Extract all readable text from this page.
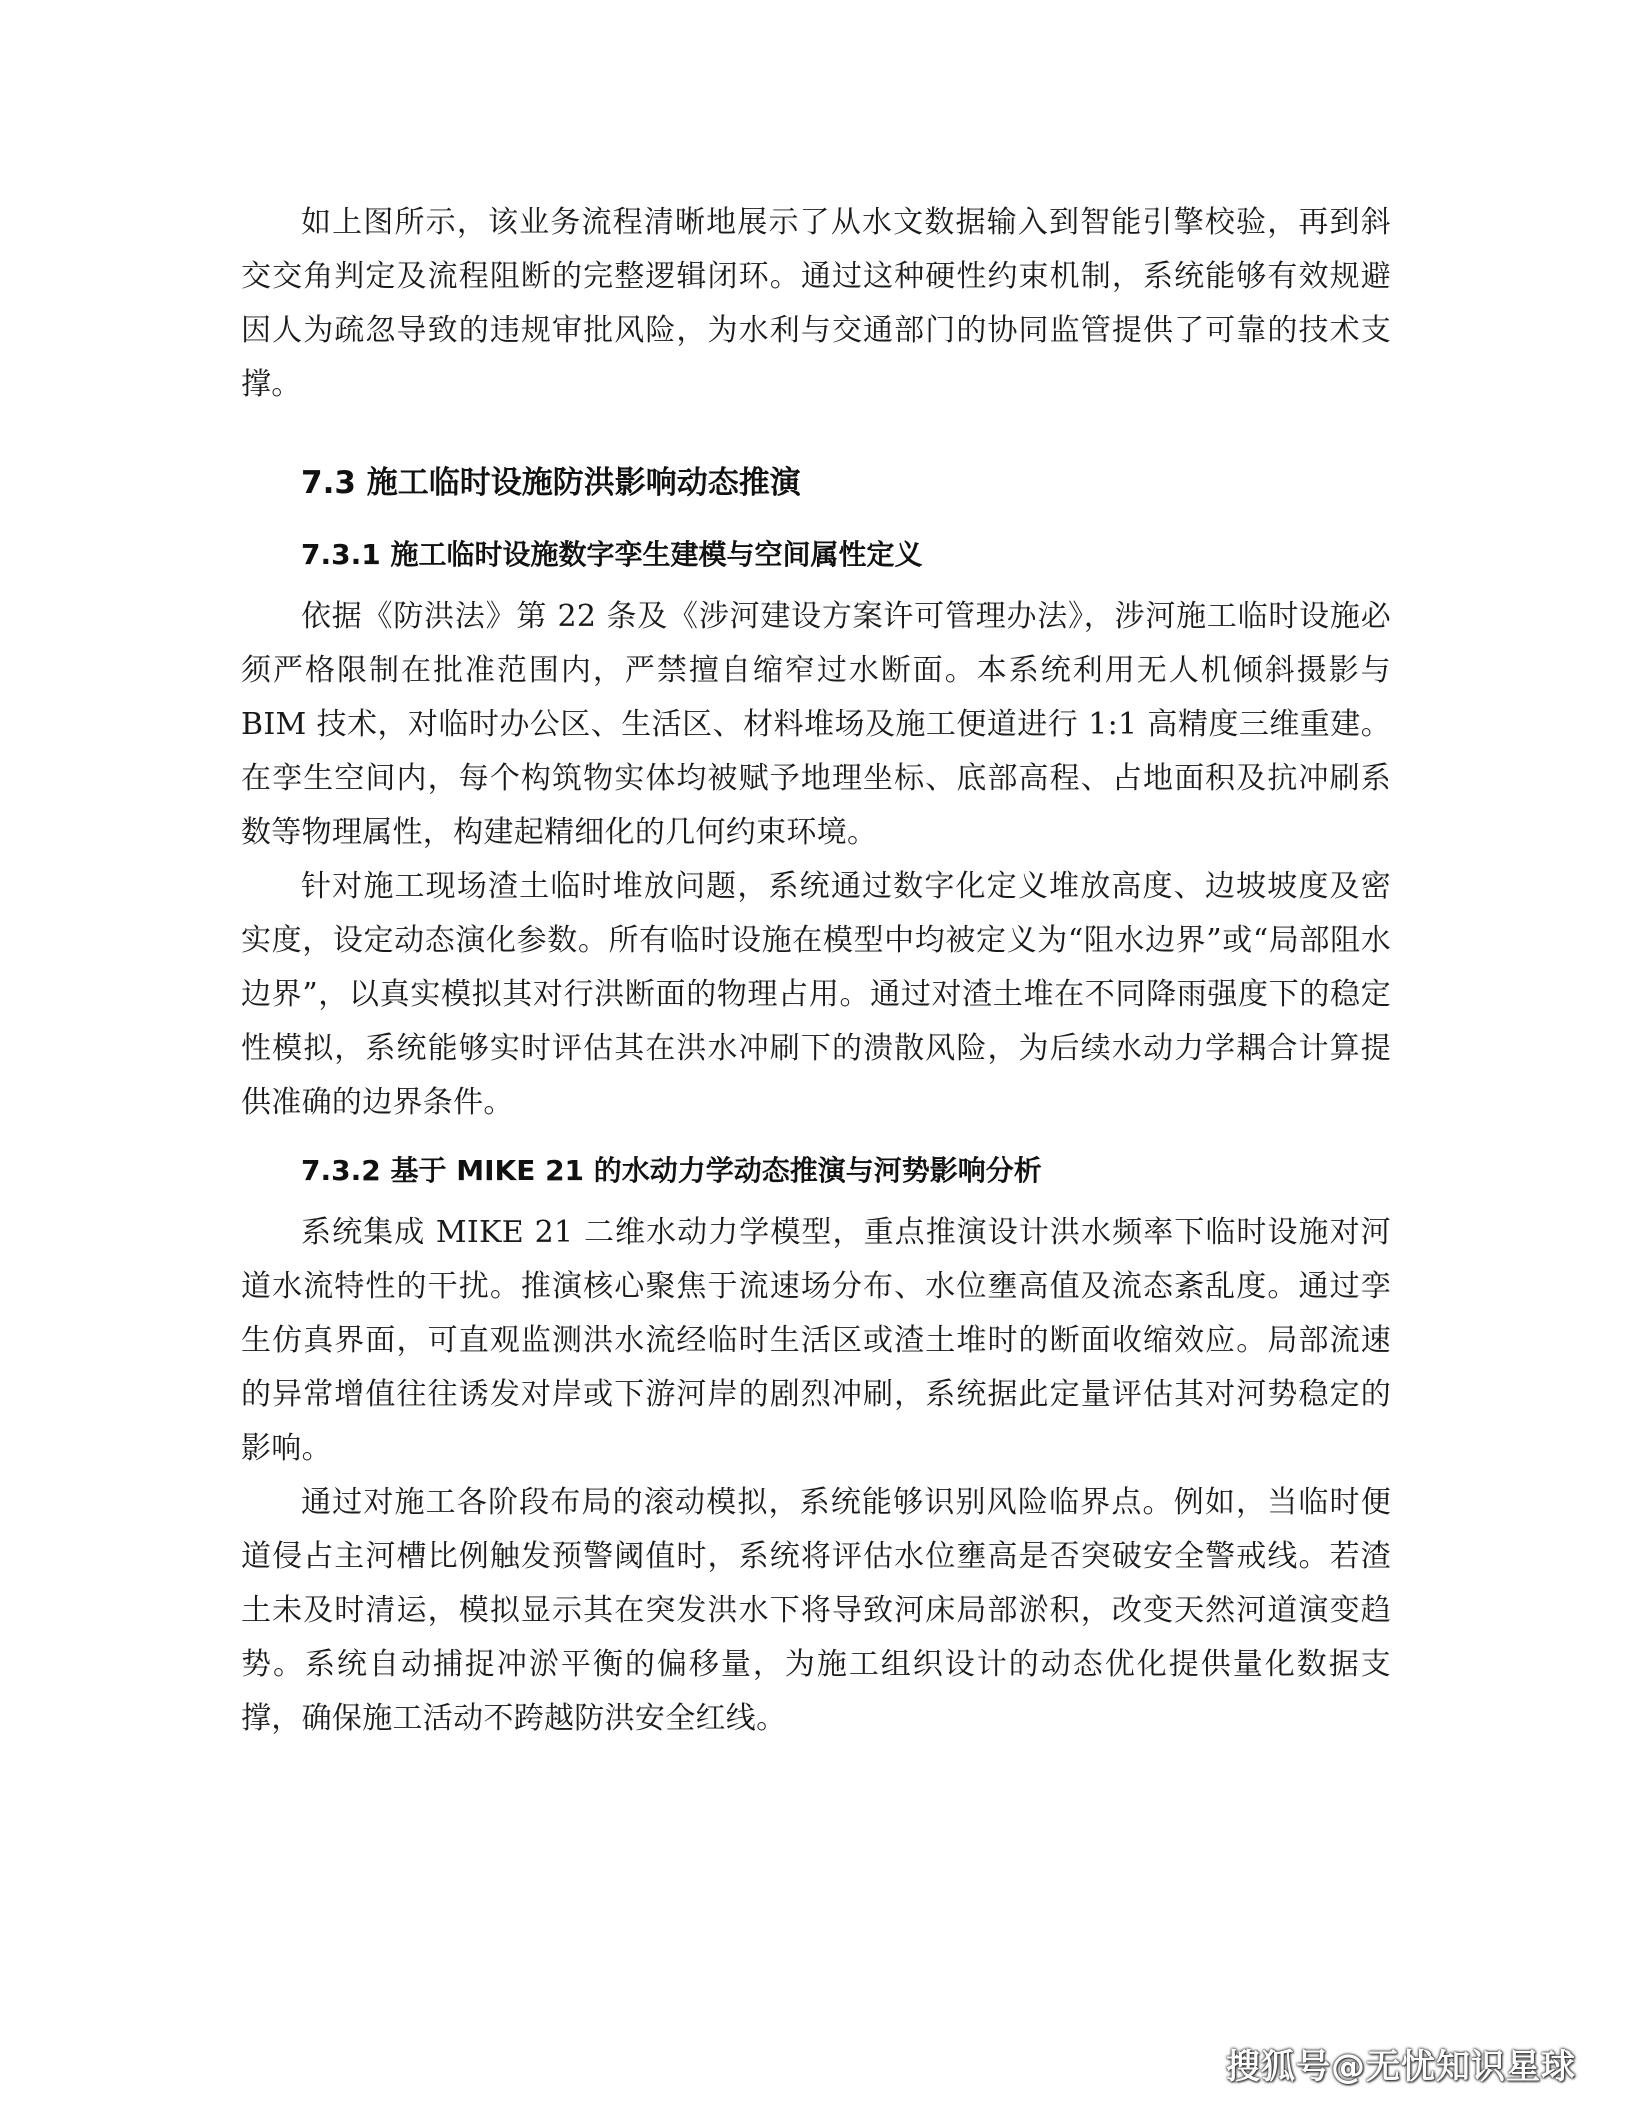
如上图所示，该业务流程清晰地展示了从水文数据输入到智能引擎校验，再到斜交交角判定及流程阻断的完整逻辑闭环。通过这种硬性约束机制，系统能够有效规避因人为疏忽导致的违规审批风险，为水利与交通部门的协同监管提供了可靠的技术支撑。

7.3 施工临时设施防洪影响动态推演
7.3.1 施工临时设施数字孪生建模与空间属性定义

依据《防洪法》第 22 条及《涉河建设方案许可管理办法》，涉河施工临时设施必须严格限制在批准范围内，严禁擅自缩窄过水断面。本系统利用无人机倾斜摄影与 BIM 技术，对临时办公区、生活区、材料堆场及施工便道进行 1:1 高精度三维重建。在孪生空间内，每个构筑物实体均被赋予地理坐标、底部高程、占地面积及抗冲刷系数等物理属性，构建起精细化的几何约束环境。

针对施工现场渣土临时堆放问题，系统通过数字化定义堆放高度、边坡坡度及密实度，设定动态演化参数。所有临时设施在模型中均被定义为“阻水边界”或“局部阻水边界”，以真实模拟其对行洪断面的物理占用。通过对渣土堆在不同降雨强度下的稳定性模拟，系统能够实时评估其在洪水冲刷下的溃散风险，为后续水动力学耦合计算提供准确的边界条件。

7.3.2 基于 MIKE 21 的水动力学动态推演与河势影响分析

系统集成 MIKE 21 二维水动力学模型，重点推演设计洪水频率下临时设施对河道水流特性的干扰。推演核心聚焦于流速场分布、水位壅高值及流态紊乱度。通过孪生仿真界面，可直观监测洪水流经临时生活区或渣土堆时的断面收缩效应。局部流速的异常增值往往诱发对岸或下游河岸的剧烈冲刷，系统据此定量评估其对河势稳定的影响。

通过对施工各阶段布局的滚动模拟，系统能够识别风险临界点。例如，当临时便道侵占主河槽比例触发预警阈值时，系统将评估水位壅高是否突破安全警戒线。若渣土未及时清运，模拟显示其在突发洪水下将导致河床局部淤积，改变天然河道演变趋势。系统自动捕捉冲淤平衡的偏移量，为施工组织设计的动态优化提供量化数据支撑，确保施工活动不跨越防洪安全红线。

搜狐号@无忧知识星球
